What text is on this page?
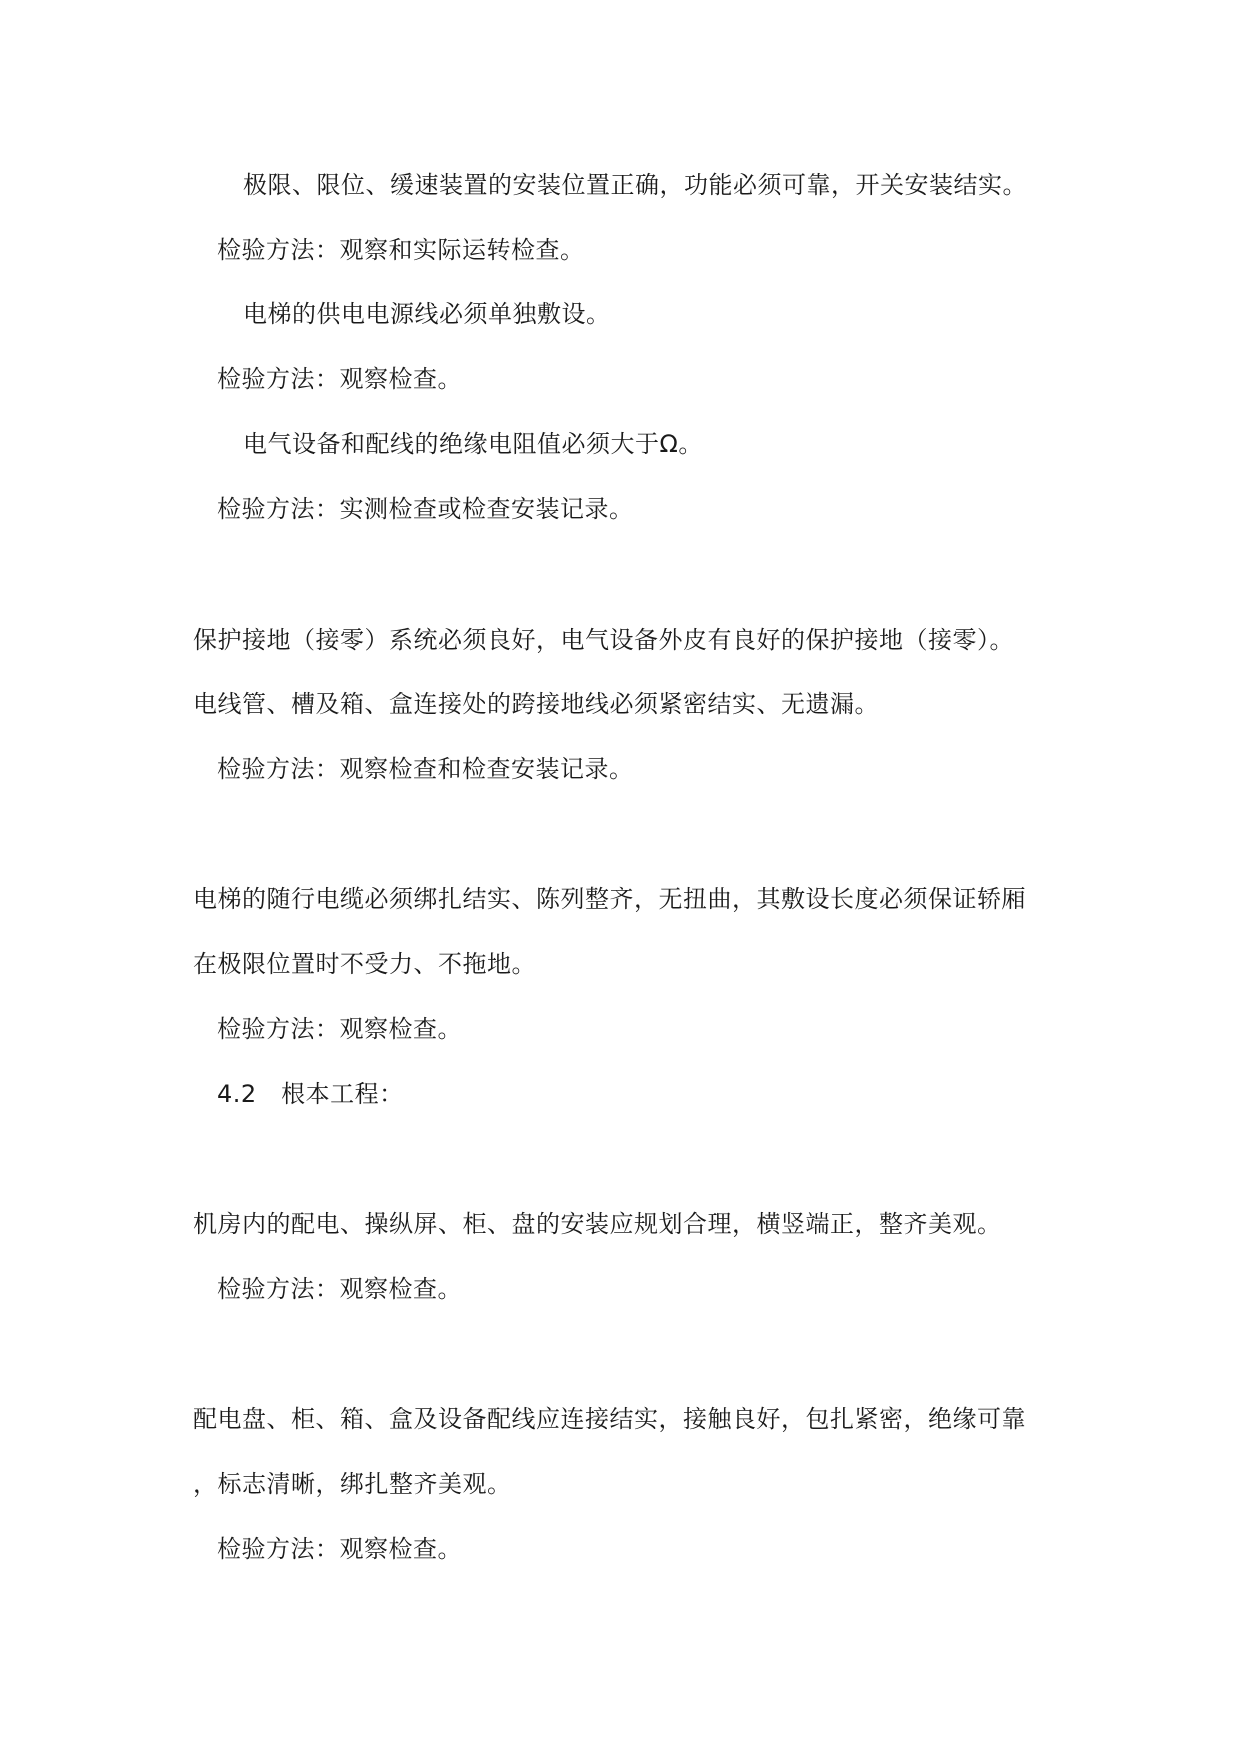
极限、限位、缓速装置的安装位置正确，功能必须可靠，开关安装结实。
检验方法：观察和实际运转检查。
电梯的供电电源线必须单独敷设。
检验方法：观察检查。
电气设备和配线的绝缘电阻值必须大于Ω。
检验方法：实测检查或检查安装记录。
保护接地（接零）系统必须良好，电气设备外皮有良好的保护接地（接零）。
电线管、槽及箱、盒连接处的跨接地线必须紧密结实、无遗漏。
检验方法：观察检查和检查安装记录。
电梯的随行电缆必须绑扎结实、陈列整齐，无扭曲，其敷设长度必须保证轿厢
在极限位置时不受力、不拖地。
检验方法：观察检查。
4.2　根本工程：
机房内的配电、操纵屏、柜、盘的安装应规划合理，横竖端正，整齐美观。
检验方法：观察检查。
配电盘、柜、箱、盒及设备配线应连接结实，接触良好，包扎紧密，绝缘可靠
，标志清晰，绑扎整齐美观。
检验方法：观察检查。
